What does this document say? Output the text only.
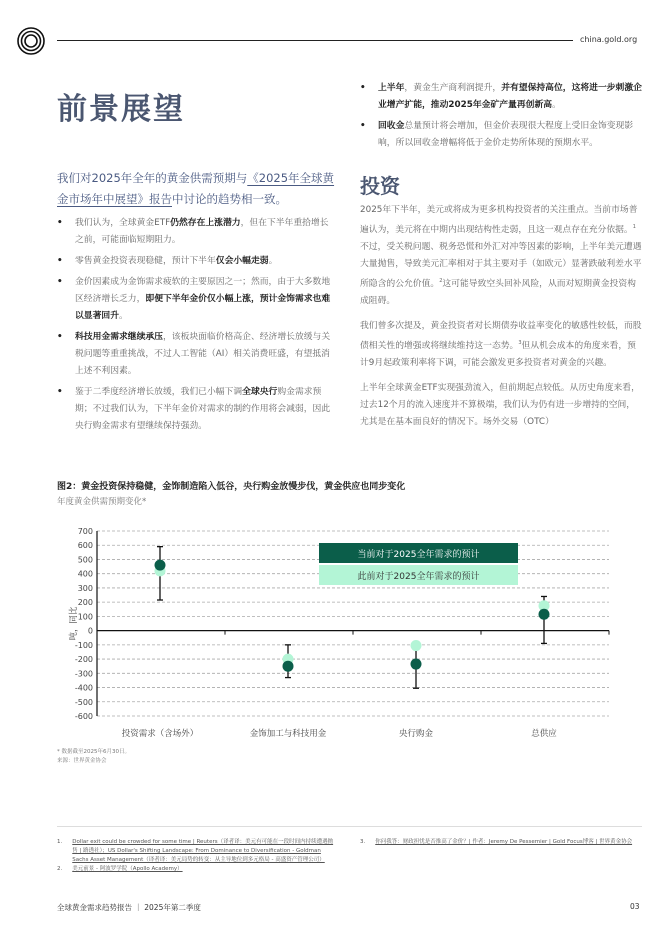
china.gold.org
前景展望

我们对2025年全年的黄金供需预期与《2025年全球黄金市场年中展望》报告中讨论的趋势相一致。

• 我们认为，全球黄金ETF仍然存在上涨潜力，但在下半年重拾增长之前，可能面临短期阻力。
• 零售黄金投资表现稳健，预计下半年仅会小幅走弱。
• 金价因素成为金饰需求疲软的主要原因之一；然而，由于大多数地区经济增长乏力，即便下半年金价仅小幅上涨，预计金饰需求也难以显著回升。
• 科技用金需求继续承压，该板块面临价格高企、经济增长放缓与关税问题等重重挑战，不过人工智能（AI）相关消费旺盛，有望抵消上述不利因素。
• 鉴于二季度经济增长放缓，我们已小幅下调全球央行购金需求预期；不过我们认为，下半年金价对需求的制约作用将会减弱，因此央行购金需求有望继续保持强劲。
• 上半年，黄金生产商利润提升，并有望保持高位，这将进一步刺激企业增产扩能，推动2025年金矿产量再创新高。
• 回收金总量预计将会增加，但金价表现很大程度上受旧金饰变现影响，所以回收金增幅将低于金价走势所体现的预期水平。
投资

2025年下半年，美元或将成为更多机构投资者的关注重点。当前市场普遍认为，美元将在中期内出现结构性走弱，且这一观点存在充分依据。$^1$不过，受关税问题、税务恐慌和外汇对冲等因素的影响，上半年美元遭遇大量抛售，导致美元汇率相对于其主要对手（如欧元）显著跌破利差水平所隐含的公允价值。$^2$这可能导致空头回补风险，从而对短期黄金投资构成阻碍。

我们曾多次提及，黄金投资者对长期债券收益率变化的敏感性较低，而股债相关性的增强或将继续维持这一态势。$^3$但从机会成本的角度来看，预计9月起政策利率将下调，可能会激发更多投资者对黄金的兴趣。

上半年全球黄金ETF实现强劲流入，但前期起点较低。从历史角度来看，过去12个月的流入速度并不算极端，我们认为仍有进一步增持的空间，尤其是在基本面良好的情况下。场外交易（OTC）

图2：黄金投资保持稳健，金饰制造陷入低谷，央行购金放慢步伐，黄金供应也同步变化
年度黄金供需预期变化*
700
600
500
400
300
200
100
0
-100
-200
-300
-400
-500
-600
吨，同比
投资需求（含场外）	金饰加工与科技用金	央行购金	总供应
当前对于2025全年需求的预计
此前对于2025全年需求的预计
* 数据截至2025年6月30日。
来源：世界黄金协会
1. Dollar exit could be crowded for some time | Reuters（译者译：美元有可能在一段时间内持续遭遇抛售 | 路透社）；US Dollar's Shifting Landscape: From Dominance to Diversification - Goldman Sachs Asset Management（译者译：美元局势的转变：从主导地位到多元格局 - 高盛资产管理公司）
2. 美元前景 - 阿波罗学院（Apollo Academy）
3. 你问我答：财政担忧是否推高了金价？| 作者：Jeremy De Pessemier | Gold Focus博客 | 世界黄金协会
全球黄金需求趋势报告 ｜ 2025年第二季度	03
